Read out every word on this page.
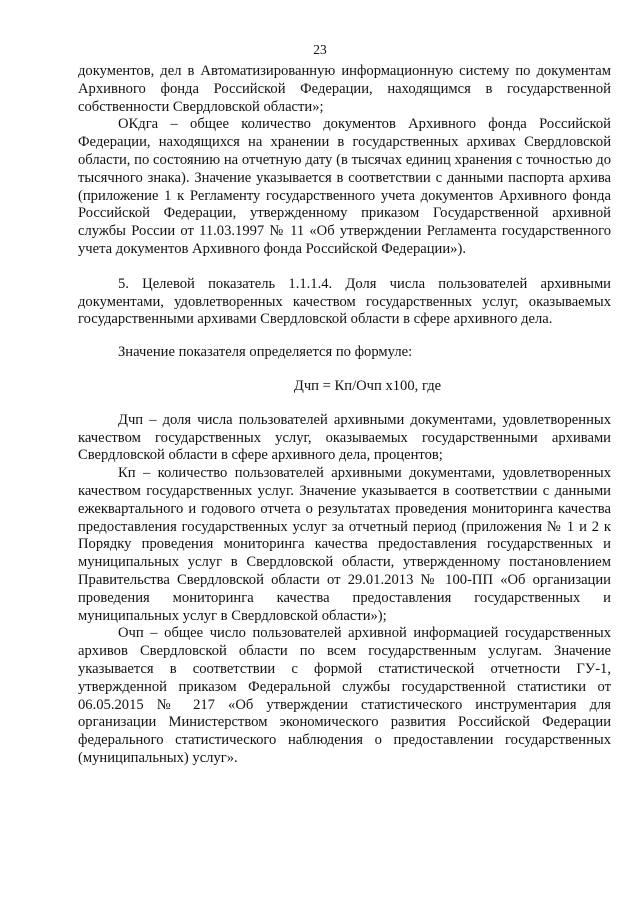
23

документов, дел в Автоматизированную информационную систему по документам Архивного фонда Российской Федерации, находящимся в государственной собственности Свердловской области»;

ОКдга – общее количество документов Архивного фонда Российской Федерации, находящихся на хранении в государственных архивах Свердловской области, по состоянию на отчетную дату (в тысячах единиц хранения с точностью до тысячного знака). Значение указывается в соответствии с данными паспорта архива (приложение 1 к Регламенту государственного учета документов Архивного фонда Российской Федерации, утвержденному приказом Государственной архивной службы России от 11.03.1997 № 11 «Об утверждении Регламента государственного учета документов Архивного фонда Российской Федерации»).

5. Целевой показатель 1.1.1.4. Доля числа пользователей архивными документами, удовлетворенных качеством государственных услуг, оказываемых государственными архивами Свердловской области в сфере архивного дела.

Значение показателя определяется по формуле:

Дчп = Кп/Очп х100, где

Дчп – доля числа пользователей архивными документами, удовлетворенных качеством государственных услуг, оказываемых государственными архивами Свердловской области в сфере архивного дела, процентов;

Кп – количество пользователей архивными документами, удовлетворенных качеством государственных услуг. Значение указывается в соответствии с данными ежеквартального и годового отчета о результатах проведения мониторинга качества предоставления государственных услуг за отчетный период (приложения № 1 и 2 к Порядку проведения мониторинга качества предоставления государственных и муниципальных услуг в Свердловской области, утвержденному постановлением Правительства Свердловской области от 29.01.2013 № 100-ПП «Об организации проведения мониторинга качества предоставления государственных и муниципальных услуг в Свердловской области»);

Очп – общее число пользователей архивной информацией государственных архивов Свердловской области по всем государственным услугам. Значение указывается в соответствии с формой статистической отчетности ГУ-1, утвержденной приказом Федеральной службы государственной статистики от 06.05.2015 № 217 «Об утверждении статистического инструментария для организации Министерством экономического развития Российской Федерации федерального статистического наблюдения о предоставлении государственных (муниципальных) услуг».
